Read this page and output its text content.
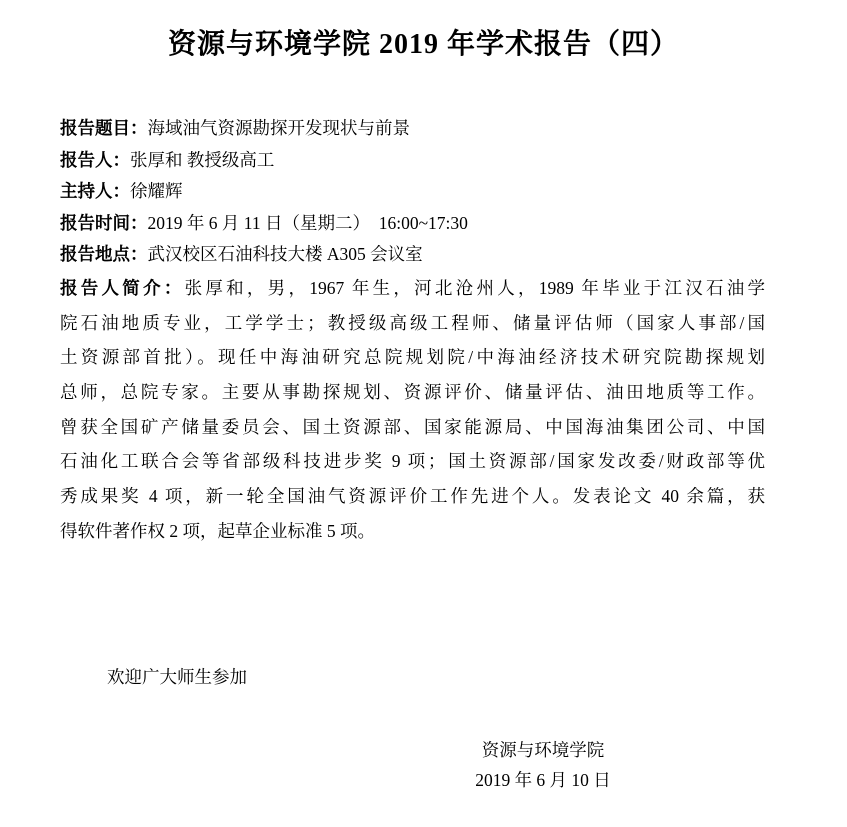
资源与环境学院 2019 年学术报告（四）
报告题目：海域油气资源勘探开发现状与前景
报告人：张厚和 教授级高工
主持人：徐耀辉
报告时间：2019 年 6 月 11 日（星期二）  16:00~17:30
报告地点：武汉校区石油科技大楼 A305 会议室
报告人简介：张厚和，男，1967 年生，河北沧州人，1989 年毕业于江汉石油学
院石油地质专业，工学学士；教授级高级工程师、储量评估师（国家人事部/国
土资源部首批）。现任中海油研究总院规划院/中海油经济技术研究院勘探规划
总师，总院专家。主要从事勘探规划、资源评价、储量评估、油田地质等工作。
曾获全国矿产储量委员会、国土资源部、国家能源局、中国海油集团公司、中国
石油化工联合会等省部级科技进步奖 9 项；国土资源部/国家发改委/财政部等优
秀成果奖 4 项，新一轮全国油气资源评价工作先进个人。发表论文 40 余篇，获
得软件著作权 2 项，起草企业标准 5 项。
欢迎广大师生参加
资源与环境学院
2019 年 6 月 10 日
